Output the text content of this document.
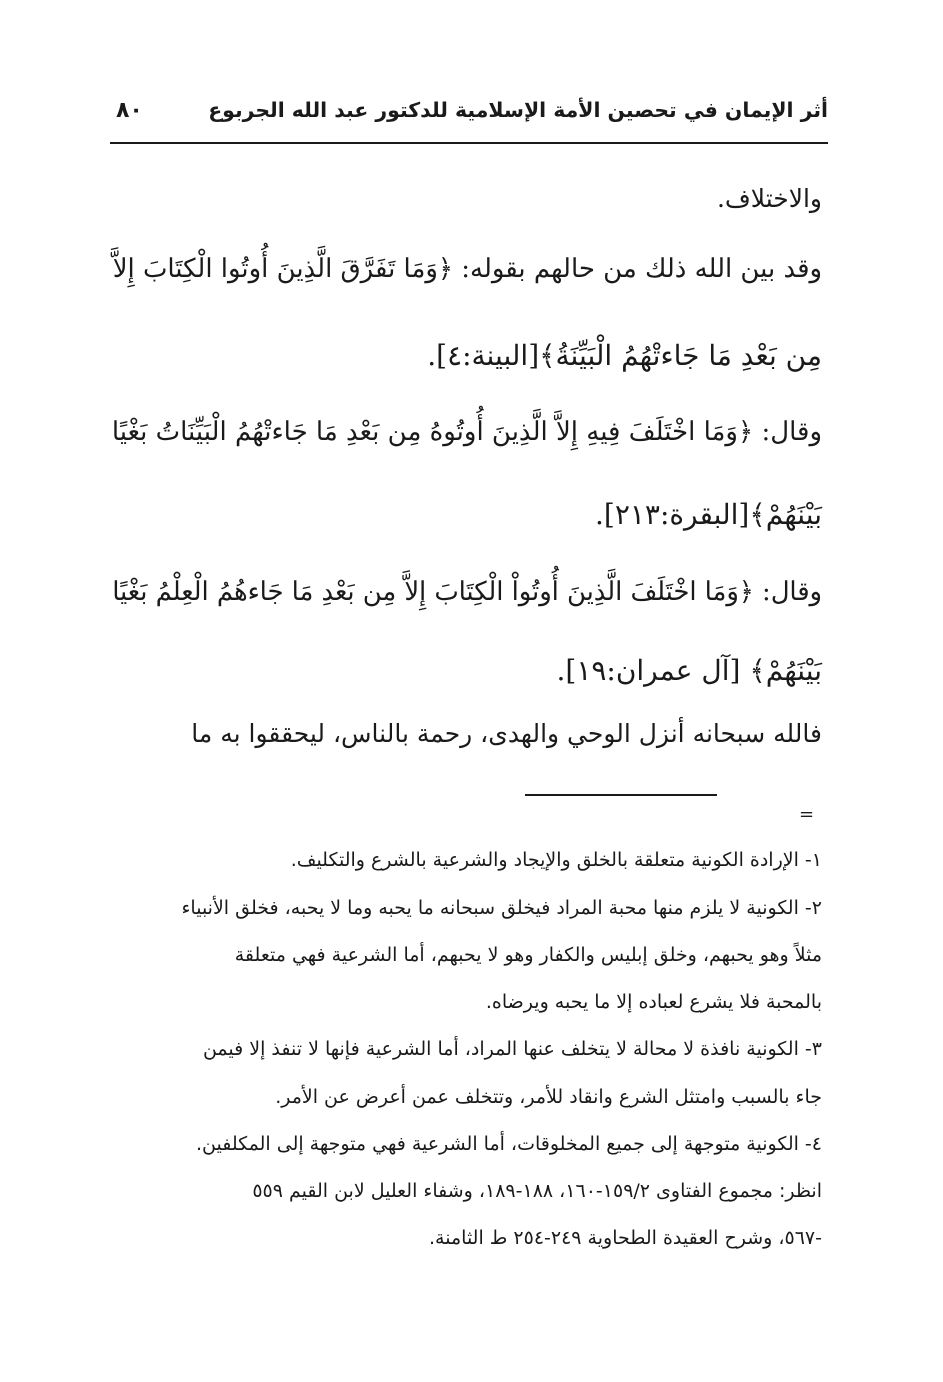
أثر الإيمان في تحصين الأمة الإسلامية للدكتور عبد الله الجربوع
٨٠
والاختلاف.
وقد بين الله ذلك من حالهم بقوله: ﴿وَمَا تَفَرَّقَ الَّذِينَ أُوتُوا الْكِتَابَ إِلاَّ
مِن بَعْدِ مَا جَاءتْهُمُ الْبَيِّنَةُ﴾[البينة:٤].
وقال: ﴿وَمَا اخْتَلَفَ فِيهِ إِلاَّ الَّذِينَ أُوتُوهُ مِن بَعْدِ مَا جَاءتْهُمُ الْبَيِّنَاتُ بَغْيًا
بَيْنَهُمْ﴾[البقرة:٢١٣].
وقال: ﴿وَمَا اخْتَلَفَ الَّذِينَ أُوتُواْ الْكِتَابَ إِلاَّ مِن بَعْدِ مَا جَاءهُمُ الْعِلْمُ بَغْيًا
بَيْنَهُمْ﴾ [آل عمران:١٩].
فالله سبحانه أنزل الوحي والهدى، رحمة بالناس، ليحققوا به ما
=
١- الإرادة الكونية متعلقة بالخلق والإيجاد والشرعية بالشرع والتكليف.
٢- الكونية لا يلزم منها محبة المراد فيخلق سبحانه ما يحبه وما لا يحبه، فخلق الأنبياء
مثلاً وهو يحبهم، وخلق إبليس والكفار وهو لا يحبهم، أما الشرعية فهي متعلقة
بالمحبة فلا يشرع لعباده إلا ما يحبه ويرضاه.
٣- الكونية نافذة لا محالة لا يتخلف عنها المراد، أما الشرعية فإنها لا تنفذ إلا فيمن
جاء بالسبب وامتثل الشرع وانقاد للأمر، وتتخلف عمن أعرض عن الأمر.
٤- الكونية متوجهة إلى جميع المخلوقات، أما الشرعية فهي متوجهة إلى المكلفين.
انظر: مجموع الفتاوى ١٥٩/٢-١٦٠، ١٨٨-١٨٩، وشفاء العليل لابن القيم ٥٥٩
-٥٦٧، وشرح العقيدة الطحاوية ٢٤٩-٢٥٤ ط الثامنة.
